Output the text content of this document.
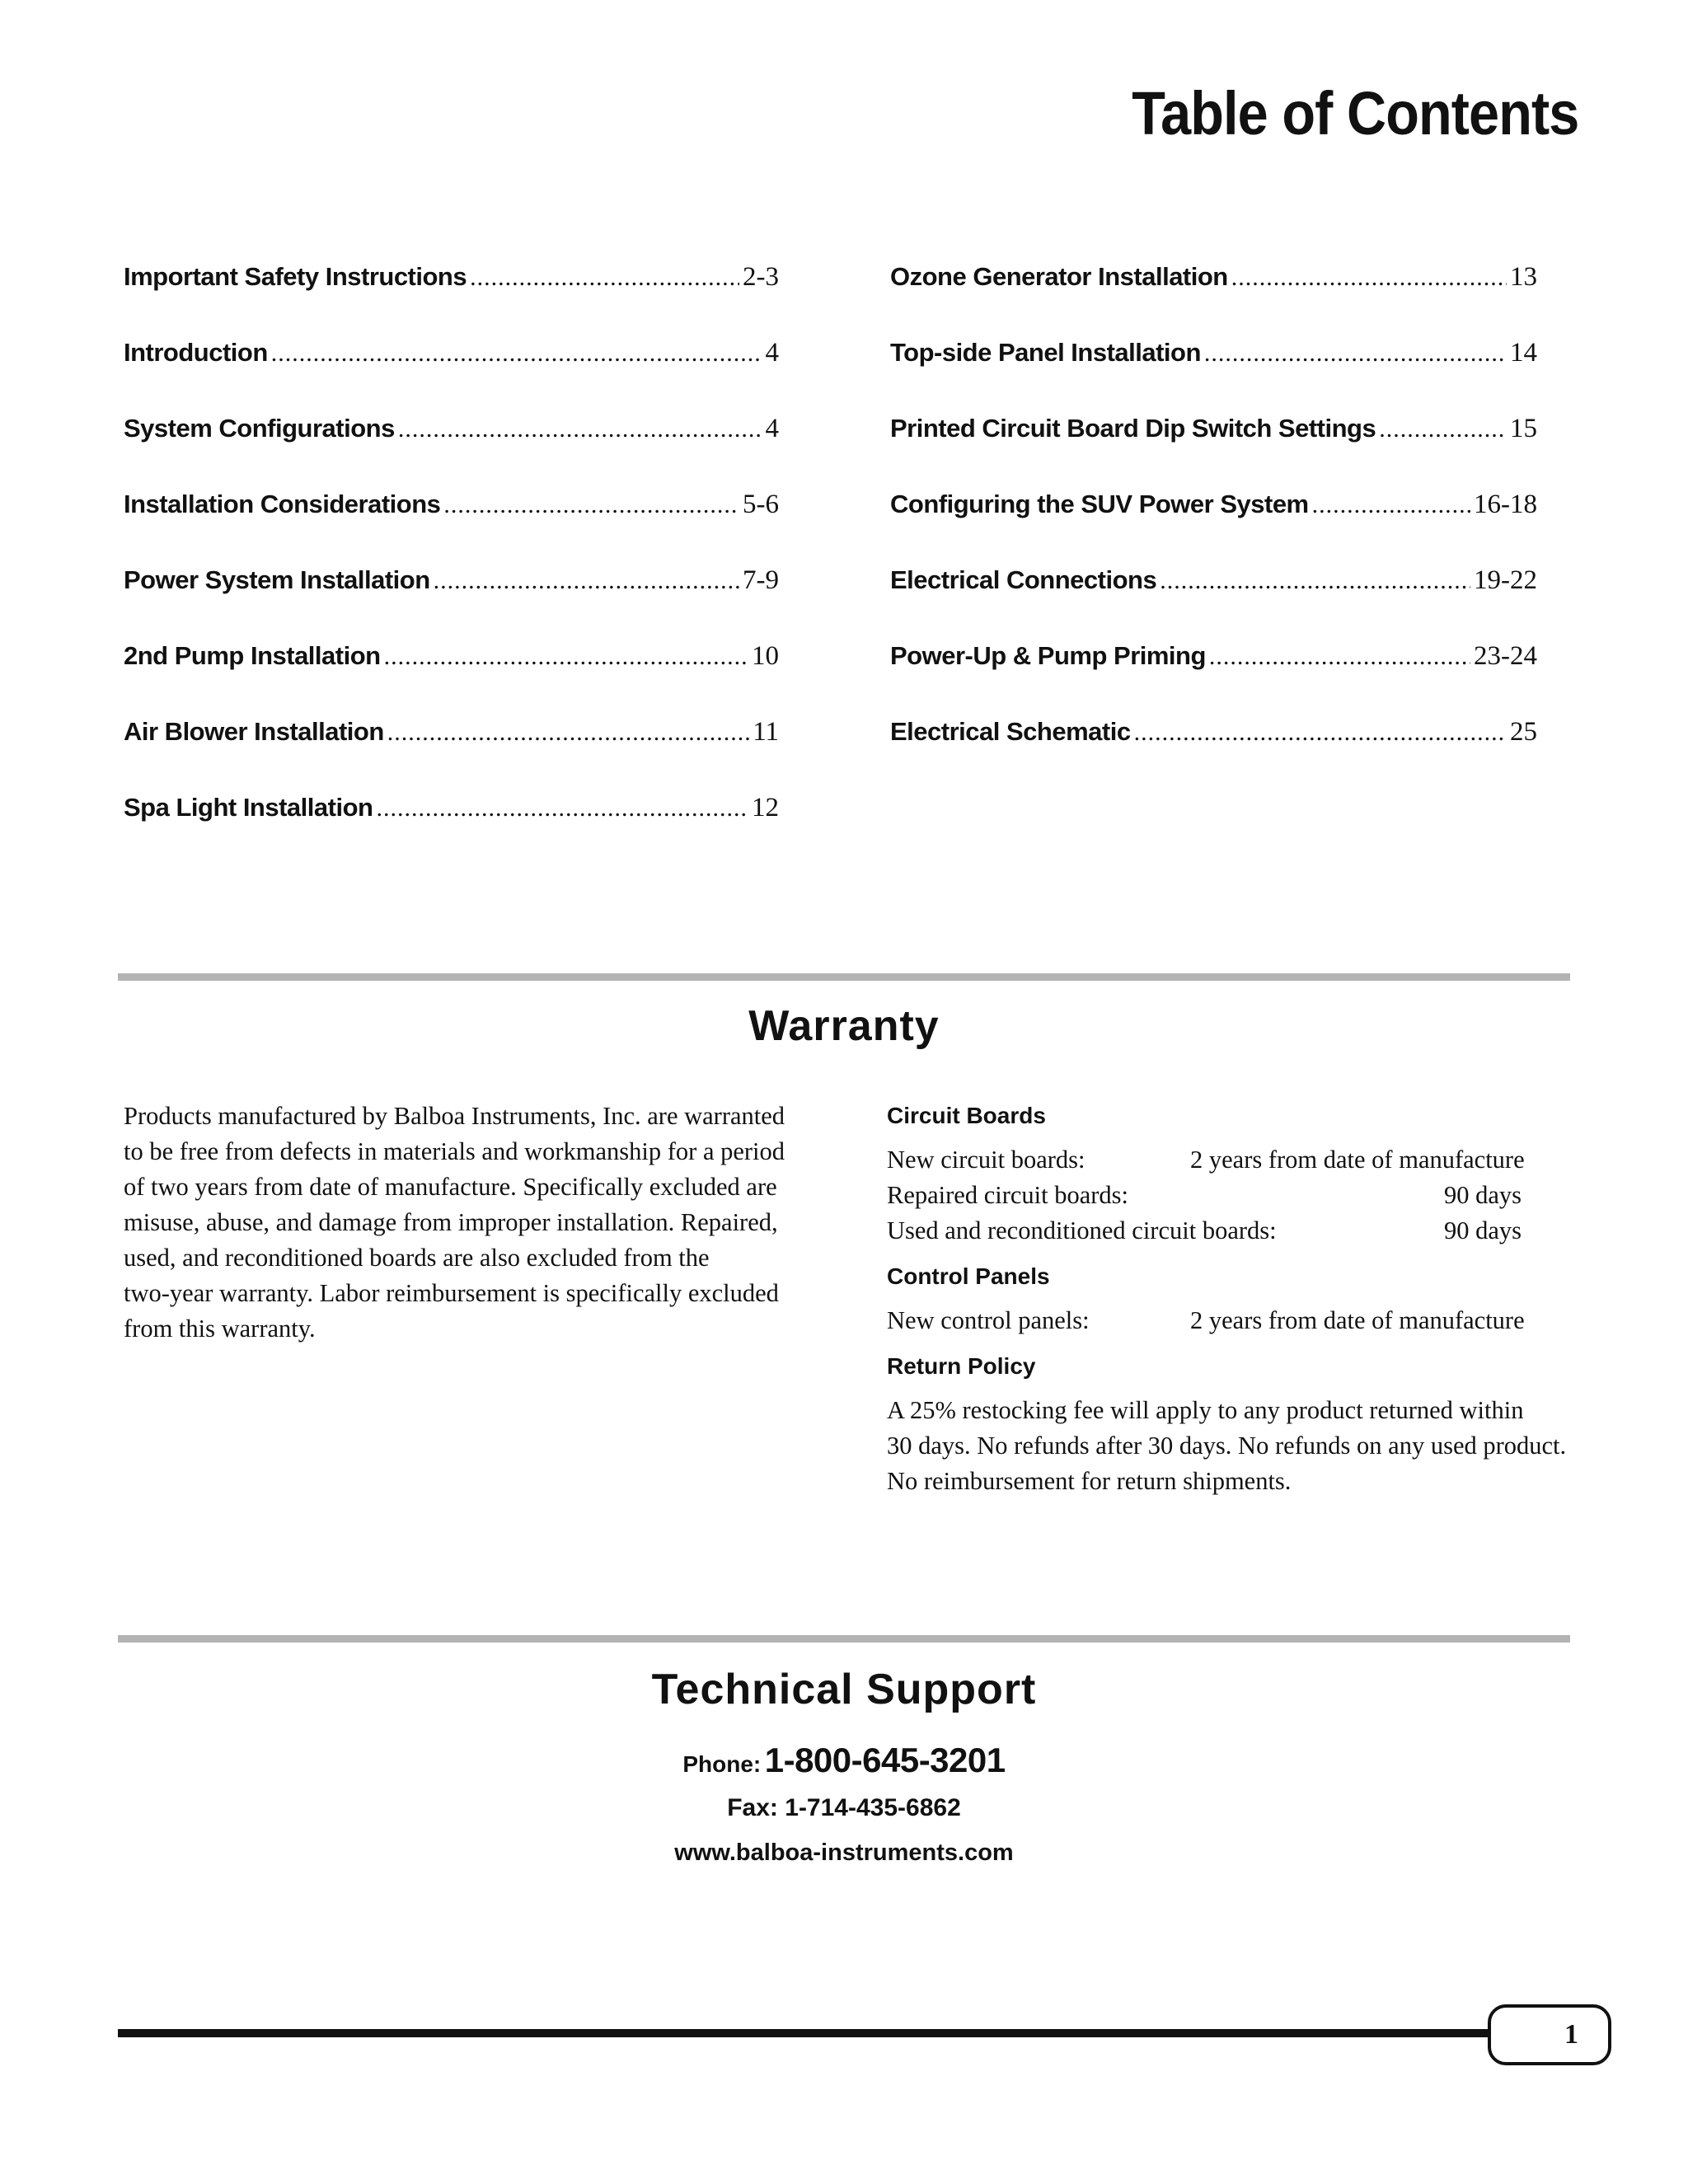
Table of Contents
Important Safety Instructions .....	2-3
Introduction .....	4
System Configurations .....	4
Installation Considerations .....	5-6
Power System Installation .....	7-9
2nd Pump Installation .....	10
Air Blower Installation .....	11
Spa Light Installation .....	12
Ozone Generator Installation .....	13
Top-side Panel Installation .....	14
Printed Circuit Board Dip Switch Settings .....	15
Configuring the SUV Power System .....	16-18
Electrical Connections .....	19-22
Power-Up & Pump Priming .....	23-24
Electrical Schematic .....	25
Warranty
Products manufactured by Balboa Instruments, Inc. are warranted
to be free from defects in materials and workmanship for a period
of two years from date of manufacture. Specifically excluded are
misuse, abuse, and damage from improper installation. Repaired,
used, and reconditioned boards are also excluded from the
two-year warranty. Labor reimbursement is specifically excluded
from this warranty.
Circuit Boards
New circuit boards:	2 years from date of manufacture
Repaired circuit boards:	90 days
Used and reconditioned circuit boards:	90 days
Control Panels
New control panels:	2 years from date of manufacture
Return Policy
A 25% restocking fee will apply to any product returned within
30 days. No refunds after 30 days. No refunds on any used product.
No reimbursement for return shipments.
Technical Support
Phone: 1-800-645-3201
Fax: 1-714-435-6862
www.balboa-instruments.com
1
